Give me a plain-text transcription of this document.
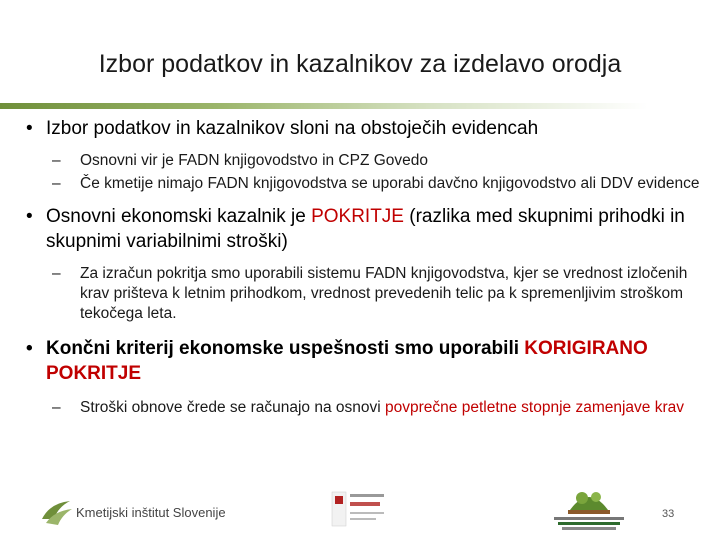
Izbor podatkov in kazalnikov za izdelavo orodja
• Izbor podatkov in kazalnikov sloni na obstoječih evidencah
– Osnovni vir je FADN knjigovodstvo in CPZ Govedo
– Če kmetije nimajo FADN knjigovodstva se uporabi davčno knjigovodstvo ali DDV evidence
• Osnovni ekonomski kazalnik je POKRITJE (razlika med skupnimi prihodki in skupnimi variabilnimi stroški)
– Za izračun pokritja smo uporabili sistemu FADN knjigovodstva, kjer se vrednost izločenih krav prišteva k letnim prihodkom, vrednost prevedenih telic pa k spremenljivim stroškom tekočega leta.
• Končni kriterij ekonomske uspešnosti smo uporabili KORIGIRANO POKRITJE
– Stroški obnove črede se računajo na osnovi povprečne petletne stopnje zamenjave krav
Kmetijski inštitut Slovenije	33
